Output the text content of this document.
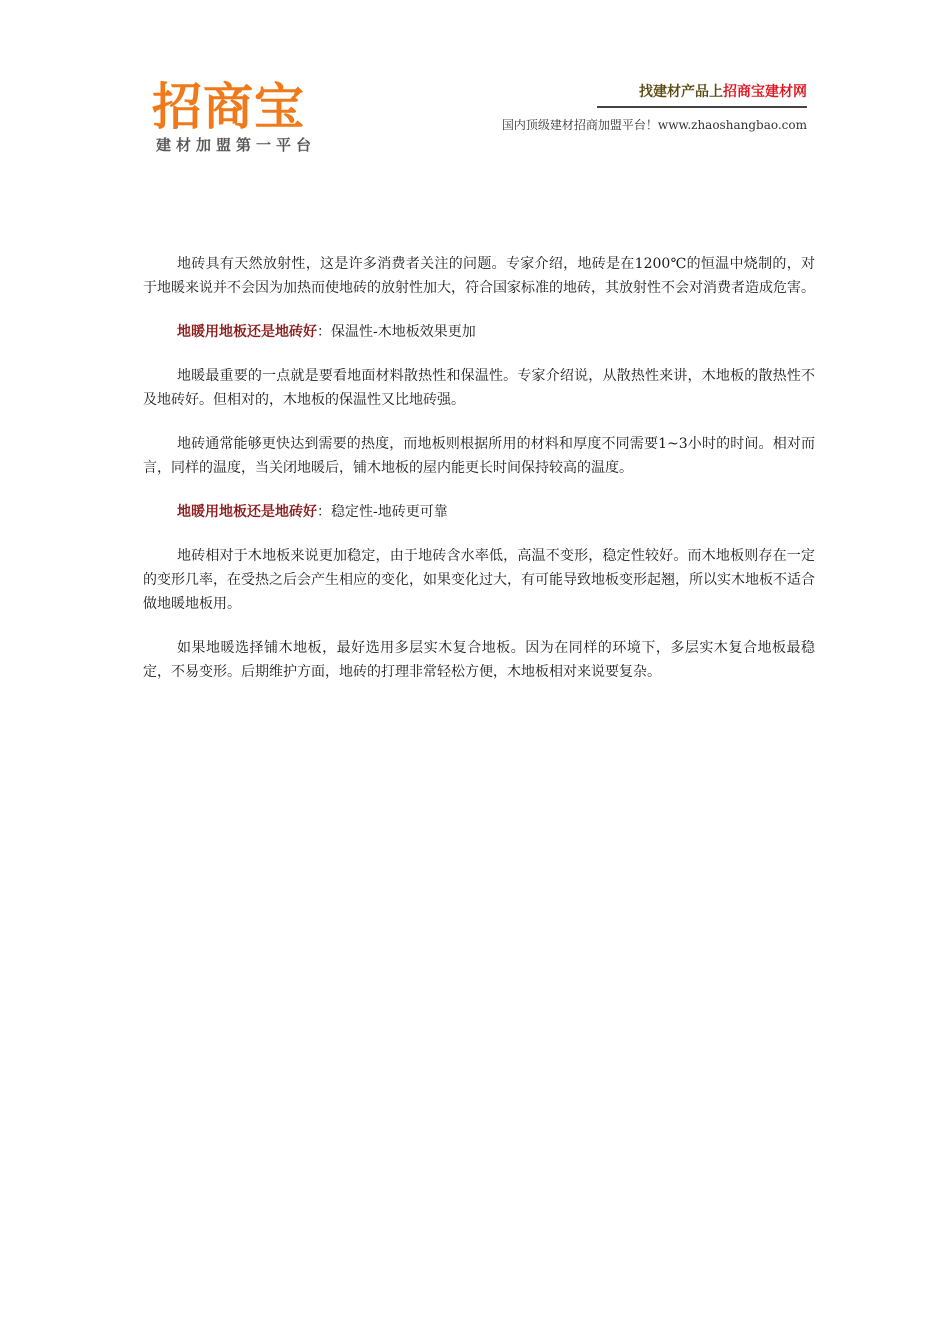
招商宝
建材加盟第一平台
找建材产品上招商宝建材网
国内顶级建材招商加盟平台！www.zhaoshangbao.com

地砖具有天然放射性，这是许多消费者关注的问题。专家介绍，地砖是在1200℃的恒温中烧制的，对于地暖来说并不会因为加热而使地砖的放射性加大，符合国家标准的地砖，其放射性不会对消费者造成危害。

地暖用地板还是地砖好：保温性-木地板效果更加

地暖最重要的一点就是要看地面材料散热性和保温性。专家介绍说，从散热性来讲，木地板的散热性不及地砖好。但相对的，木地板的保温性又比地砖强。

地砖通常能够更快达到需要的热度，而地板则根据所用的材料和厚度不同需要1~3小时的时间。相对而言，同样的温度，当关闭地暖后，铺木地板的屋内能更长时间保持较高的温度。

地暖用地板还是地砖好：稳定性-地砖更可靠

地砖相对于木地板来说更加稳定，由于地砖含水率低，高温不变形，稳定性较好。而木地板则存在一定的变形几率，在受热之后会产生相应的变化，如果变化过大，有可能导致地板变形起翘，所以实木地板不适合做地暖地板用。

如果地暖选择铺木地板，最好选用多层实木复合地板。因为在同样的环境下，多层实木复合地板最稳定，不易变形。后期维护方面，地砖的打理非常轻松方便，木地板相对来说要复杂。
